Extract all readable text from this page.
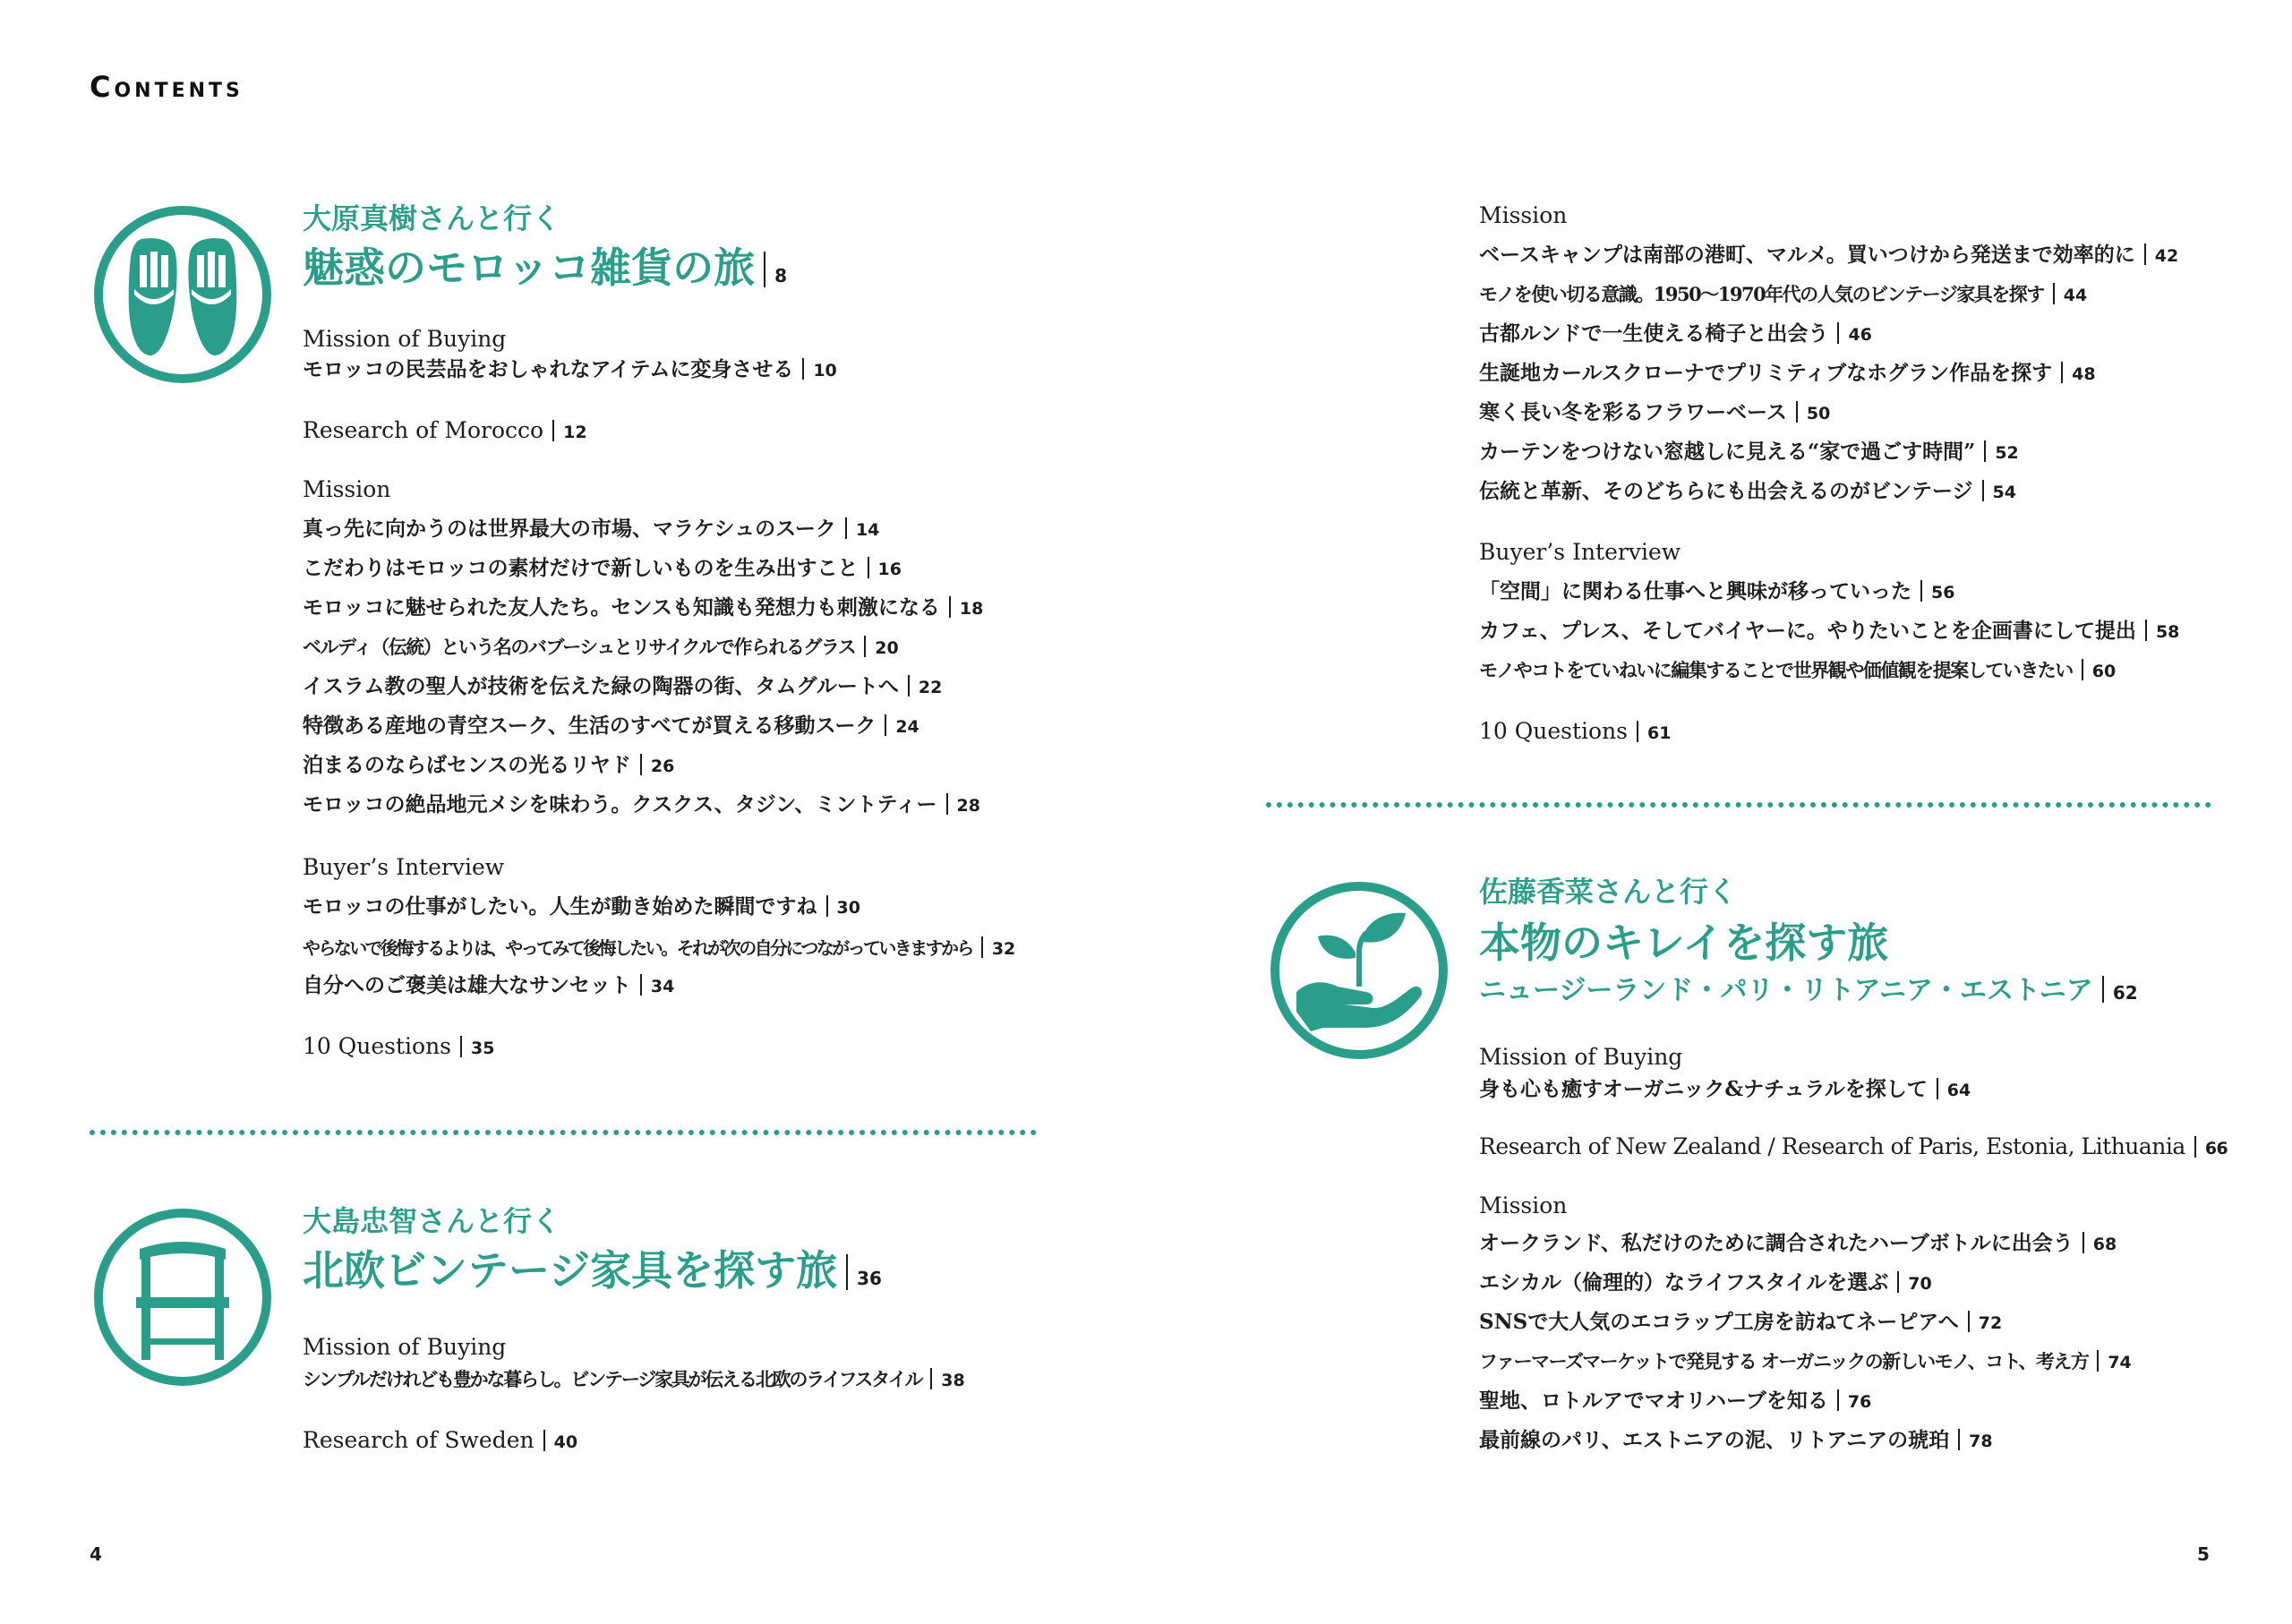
Contents
大原真樹さんと行く
魅惑のモロッコ雑貨の旅 8
Mission of Buying
モロッコの民芸品をおしゃれなアイテムに変身させる 10
Research of Morocco 12
Mission
真っ先に向かうのは世界最大の市場、マラケシュのスーク 14
こだわりはモロッコの素材だけで新しいものを生み出すこと 16
モロッコに魅せられた友人たち。センスも知識も発想力も刺激になる 18
ベルディ（伝統）という名のバブーシュとリサイクルで作られるグラス 20
イスラム教の聖人が技術を伝えた緑の陶器の街、タムグルートへ 22
特徴ある産地の青空スーク、生活のすべてが買える移動スーク 24
泊まるのならばセンスの光るリヤド 26
モロッコの絶品地元メシを味わう。クスクス、タジン、ミントティー 28
Buyer’s Interview
モロッコの仕事がしたい。人生が動き始めた瞬間ですね 30
やらないで後悔するよりは、やってみて後悔したい。それが次の自分につながっていきますから 32
自分へのご褒美は雄大なサンセット 34
10 Questions 35
大島忠智さんと行く
北欧ビンテージ家具を探す旅 36
Mission of Buying
シンプルだけれども豊かな暮らし。ビンテージ家具が伝える北欧のライフスタイル 38
Research of Sweden 40
Mission
ベースキャンプは南部の港町、マルメ。買いつけから発送まで効率的に 42
モノを使い切る意識。1950～1970年代の人気のビンテージ家具を探す 44
古都ルンドで一生使える椅子と出会う 46
生誕地カールスクローナでプリミティブなホグラン作品を探す 48
寒く長い冬を彩るフラワーベース 50
カーテンをつけない窓越しに見える“家で過ごす時間” 52
伝統と革新、そのどちらにも出会えるのがビンテージ 54
Buyer’s Interview
「空間」に関わる仕事へと興味が移っていった 56
カフェ、プレス、そしてバイヤーに。やりたいことを企画書にして提出 58
モノやコトをていねいに編集することで世界観や価値観を提案していきたい 60
10 Questions 61
佐藤香菜さんと行く
本物のキレイを探す旅
ニュージーランド・パリ・リトアニア・エストニア 62
Mission of Buying
身も心も癒すオーガニック&ナチュラルを探して 64
Research of New Zealand / Research of Paris, Estonia, Lithuania 66
Mission
オークランド、私だけのために調合されたハーブボトルに出会う 68
エシカル（倫理的）なライフスタイルを選ぶ 70
SNSで大人気のエコラップ工房を訪ねてネーピアへ 72
ファーマーズマーケットで発見する オーガニックの新しいモノ、コト、考え方 74
聖地、ロトルアでマオリハーブを知る 76
最前線のパリ、エストニアの泥、リトアニアの琥珀 78
4	5
